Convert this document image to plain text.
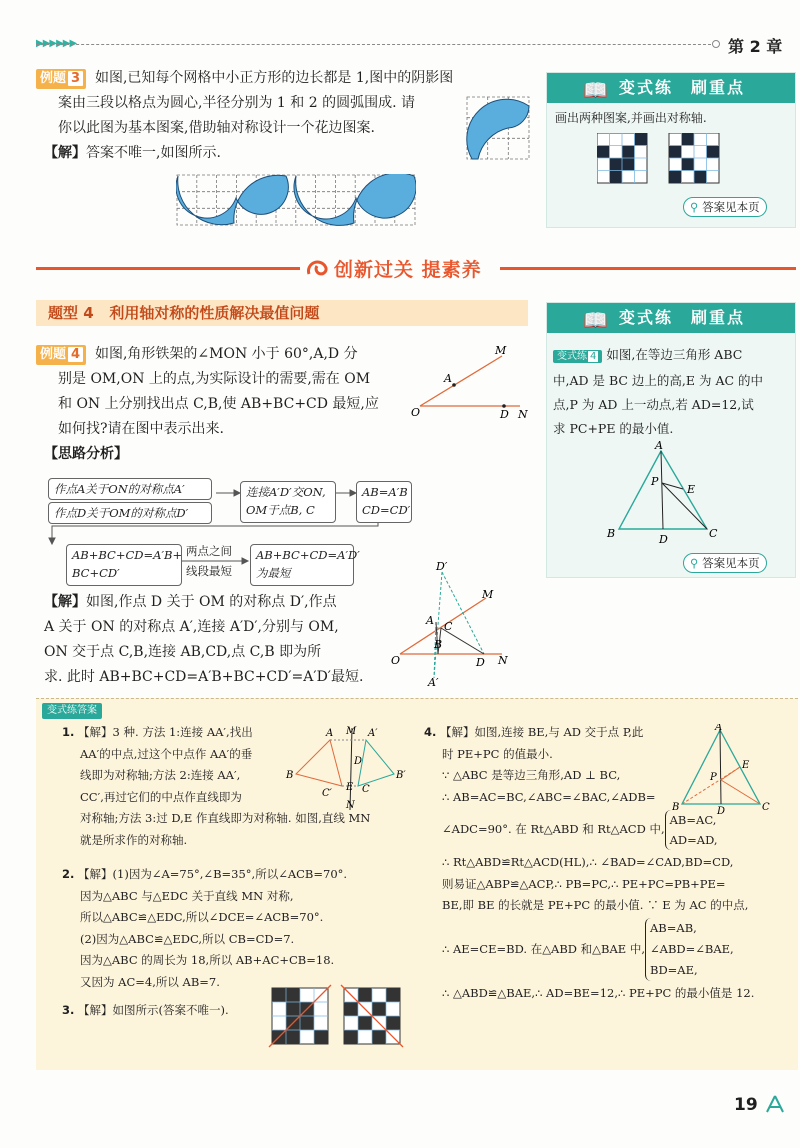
▶▶▶▶▶▶	第 2 章
例题 3 如图,已知每个网格中小正方形的边长都是 1,图中的阴影图
案由三段以格点为圆心,半径分别为 1 和 2 的圆弧围成. 请
你以此图为基本图案,借助轴对称设计一个花边图案.
【解】答案不唯一,如图所示.
📖 变式练 刷重点
画出两种图案,并画出对称轴.
⚲ 答案见本页
创新过关 提素养
题型 4 利用轴对称的性质解决最值问题
例题 4 如图,角形铁架的∠MON 小于 60°,A,D 分
别是 OM,ON 上的点,为实际设计的需要,需在 OM
和 ON 上分别找出点 C,B,使 AB+BC+CD 最短,应
如何找?请在图中表示出来.
【思路分析】
O
M
A
D N
作点A关于ON的对称点A′
作点D关于OM的对称点D′
连接A′D′交ON,
OM于点B, C
AB=A′B
CD=CD′
AB+BC+CD=A′B+
BC+CD′
两点之间
线段最短
AB+BC+CD=A′D′
为最短
【解】如图,作点 D 关于 OM 的对称点 D′,作点
A 关于 ON 的对称点 A′,连接 A′D′,分别与 OM,
ON 交于点 C,B,连接 AB,CD,点 C,B 即为所
求. 此时 AB+BC+CD=A′B+BC+CD′=A′D′最短.
O
D′
M
A C
B
D N
A′
📖 变式练 刷重点
变式练 4 如图,在等边三角形 ABC
中,AD 是 BC 边上的高,E 为 AC 的中
点,P 为 AD 上一动点,若 AD=12,试
求 PC+PE 的最小值.
A
P
E
B	D	C
⚲ 答案见本页
变式练答案
1. 【解】3 种. 方法 1:连接 AA′,找出
AA′的中点,过这个中点作 AA′的垂
线即为对称轴;方法 2:连接 AA′,
CC′,再过它们的中点作直线即为
对称轴;方法 3:过 D,E 作直线即为对称轴. 如图,直线 MN
就是所求作的对称轴.
B
A M A′
D
B′
C′	C
E
N
2. 【解】(1)因为∠A=75°,∠B=35°,所以∠ACB=70°.
因为△ABC 与△EDC 关于直线 MN 对称,
所以△ABC≌△EDC,所以∠DCE=∠ACB=70°.
(2)因为△ABC≌△EDC,所以 CB=CD=7.
因为△ABC 的周长为 18,所以 AB+AC+CB=18.
又因为 AC=4,所以 AB=7.
3. 【解】如图所示(答案不唯一).
4. 【解】如图,连接 BE,与 AD 交于点 P,此
时 PE+PC 的值最小.
∵ △ABC 是等边三角形,AD ⊥ BC,
∴ AB=AC=BC,∠ABC=∠BAC,∠ADB=
∠ADC=90°. 在 Rt△ABD 和 Rt△ACD 中,
AB=AC,
AD=AD,
∴ Rt△ABD≌Rt△ACD(HL),∴ ∠BAD=∠CAD,BD=CD,
则易证△ABP≌△ACP,∴ PB=PC,∴ PE+PC=PB+PE=
BE,即 BE 的长就是 PE+PC 的最小值. ∵ E 为 AC 的中点,
∴ AE=CE=BD. 在△ABD 和△BAE 中,
AB=AB,
∠ABD=∠BAE,
BD=AE,
∴ △ABD≌△BAE,∴ AD=BE=12,∴ PE+PC 的最小值是 12.
A
P
E
B	D	C
19
